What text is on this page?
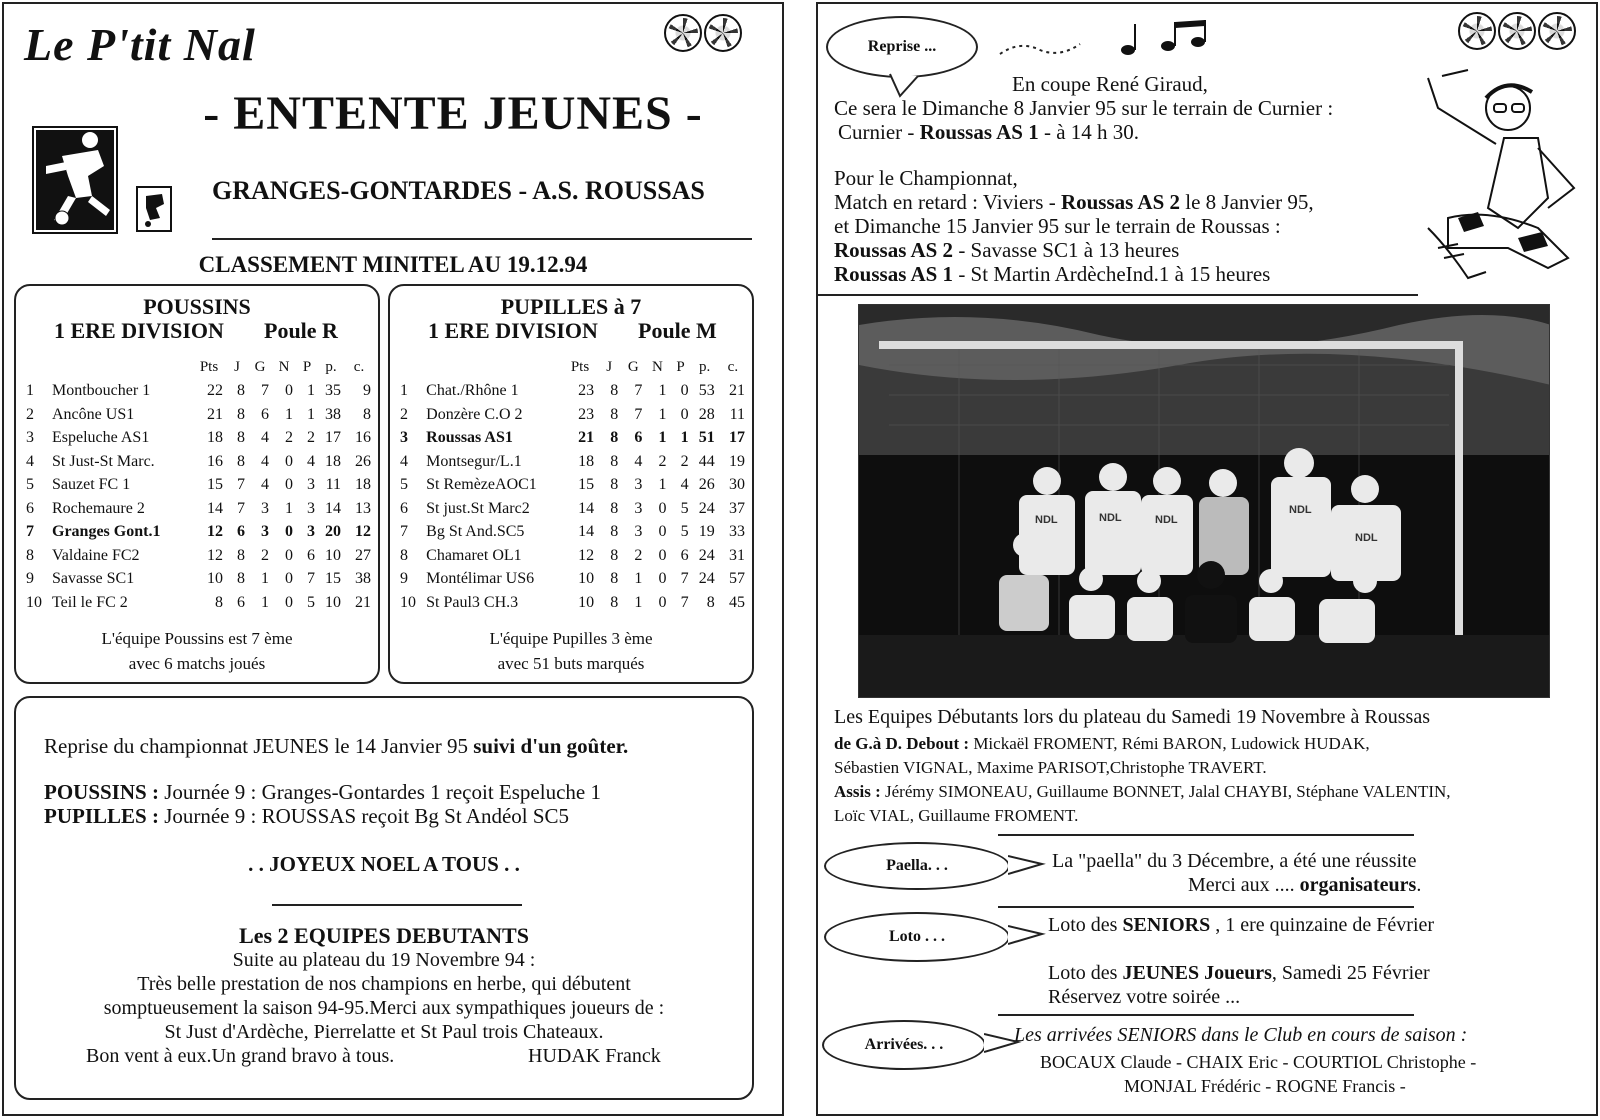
Le P'tit Nal
- ENTENTE JEUNES -
GRANGES-GONTARDES - A.S. ROUSSAS
CLASSEMENT MINITEL AU 19.12.94
POUSSINS
1 ERE DIVISION Poule R
		Pts	J	G	N	P	p.	c.
1	Montboucher 1	22	8	7	0	1	35	9
2	Ancône US1	21	8	6	1	1	38	8
3	Espeluche AS1	18	8	4	2	2	17	16
4	St Just-St Marc.	16	8	4	0	4	18	26
5	Sauzet FC 1	15	7	4	0	3	11	18
6	Rochemaure 2	14	7	3	1	3	14	13
7	Granges Gont.1	12	6	3	0	3	20	12
8	Valdaine FC2	12	8	2	0	6	10	27
9	Savasse SC1	10	8	1	0	7	15	38
10	Teil le FC 2	8	6	1	0	5	10	21
L'équipe Poussins est 7 ème
avec 6 matchs joués
PUPILLES à 7
1 ERE DIVISION Poule M
		Pts	J	G	N	P	p.	c.
1	Chat./Rhône 1	23	8	7	1	0	53	21
2	Donzère C.O 2	23	8	7	1	0	28	11
3	Roussas AS1	21	8	6	1	1	51	17
4	Montsegur/L.1	18	8	4	2	2	44	19
5	St RemèzeAOC1	15	8	3	1	4	26	30
6	St just.St Marc2	14	8	3	0	5	24	37
7	Bg St And.SC5	14	8	3	0	5	19	33
8	Chamaret OL1	12	8	2	0	6	24	31
9	Montélimar US6	10	8	1	0	7	24	57
10	St Paul3 CH.3	10	8	1	0	7	8	45
L'équipe Pupilles 3 ème
avec 51 buts marqués
Reprise du championnat JEUNES le 14 Janvier 95 suivi d'un goûter.
POUSSINS : Journée 9 : Granges-Gontardes 1 reçoit Espeluche 1
PUPILLES : Journée 9 : ROUSSAS reçoit Bg St Andéol SC5
. . JOYEUX NOEL A TOUS . .
Les 2 EQUIPES DEBUTANTS
Suite au plateau du 19 Novembre 94 :
Très belle prestation de nos champions en herbe, qui débutent
somptueusement la saison 94-95.Merci aux sympathiques joueurs de :
St Just d'Ardèche, Pierrelatte et St Paul trois Chateaux.
Bon vent à eux.Un grand bravo à tous.	HUDAK Franck
Reprise ...
En coupe René Giraud,
Ce sera le Dimanche 8 Janvier 95 sur le terrain de Curnier :
Curnier - Roussas AS 1 - à 14 h 30.
Pour le Championnat,
Match en retard : Viviers - Roussas AS 2 le 8 Janvier 95,
et Dimanche 15 Janvier 95 sur le terrain de Roussas :
Roussas AS 2 - Savasse SC1 à 13 heures
Roussas AS 1 - St Martin ArdècheInd.1 à 15 heures
NDL	NDL	NDL
NDL
NDL
Les Equipes Débutants lors du plateau du Samedi 19 Novembre à Roussas
de G.à D. Debout : Mickaël FROMENT, Rémi BARON, Ludowick HUDAK,
Sébastien VIGNAL, Maxime PARISOT,Christophe TRAVERT.
Assis : Jérémy SIMONEAU, Guillaume BONNET, Jalal CHAYBI, Stéphane VALENTIN,
Loïc VIAL, Guillaume FROMENT.
Paella. . .	La "paella" du 3 Décembre, a été une réussite
Merci aux .... organisateurs.
Loto . . .
Loto des SENIORS , 1 ere quinzaine de Février
Loto des JEUNES Joueurs, Samedi 25 Février
Réservez votre soirée ...
Arrivées. . .	Les arrivées SENIORS dans le Club en cours de saison :
BOCAUX Claude - CHAIX Eric - COURTIOL Christophe -
MONJAL Frédéric - ROGNE Francis -
